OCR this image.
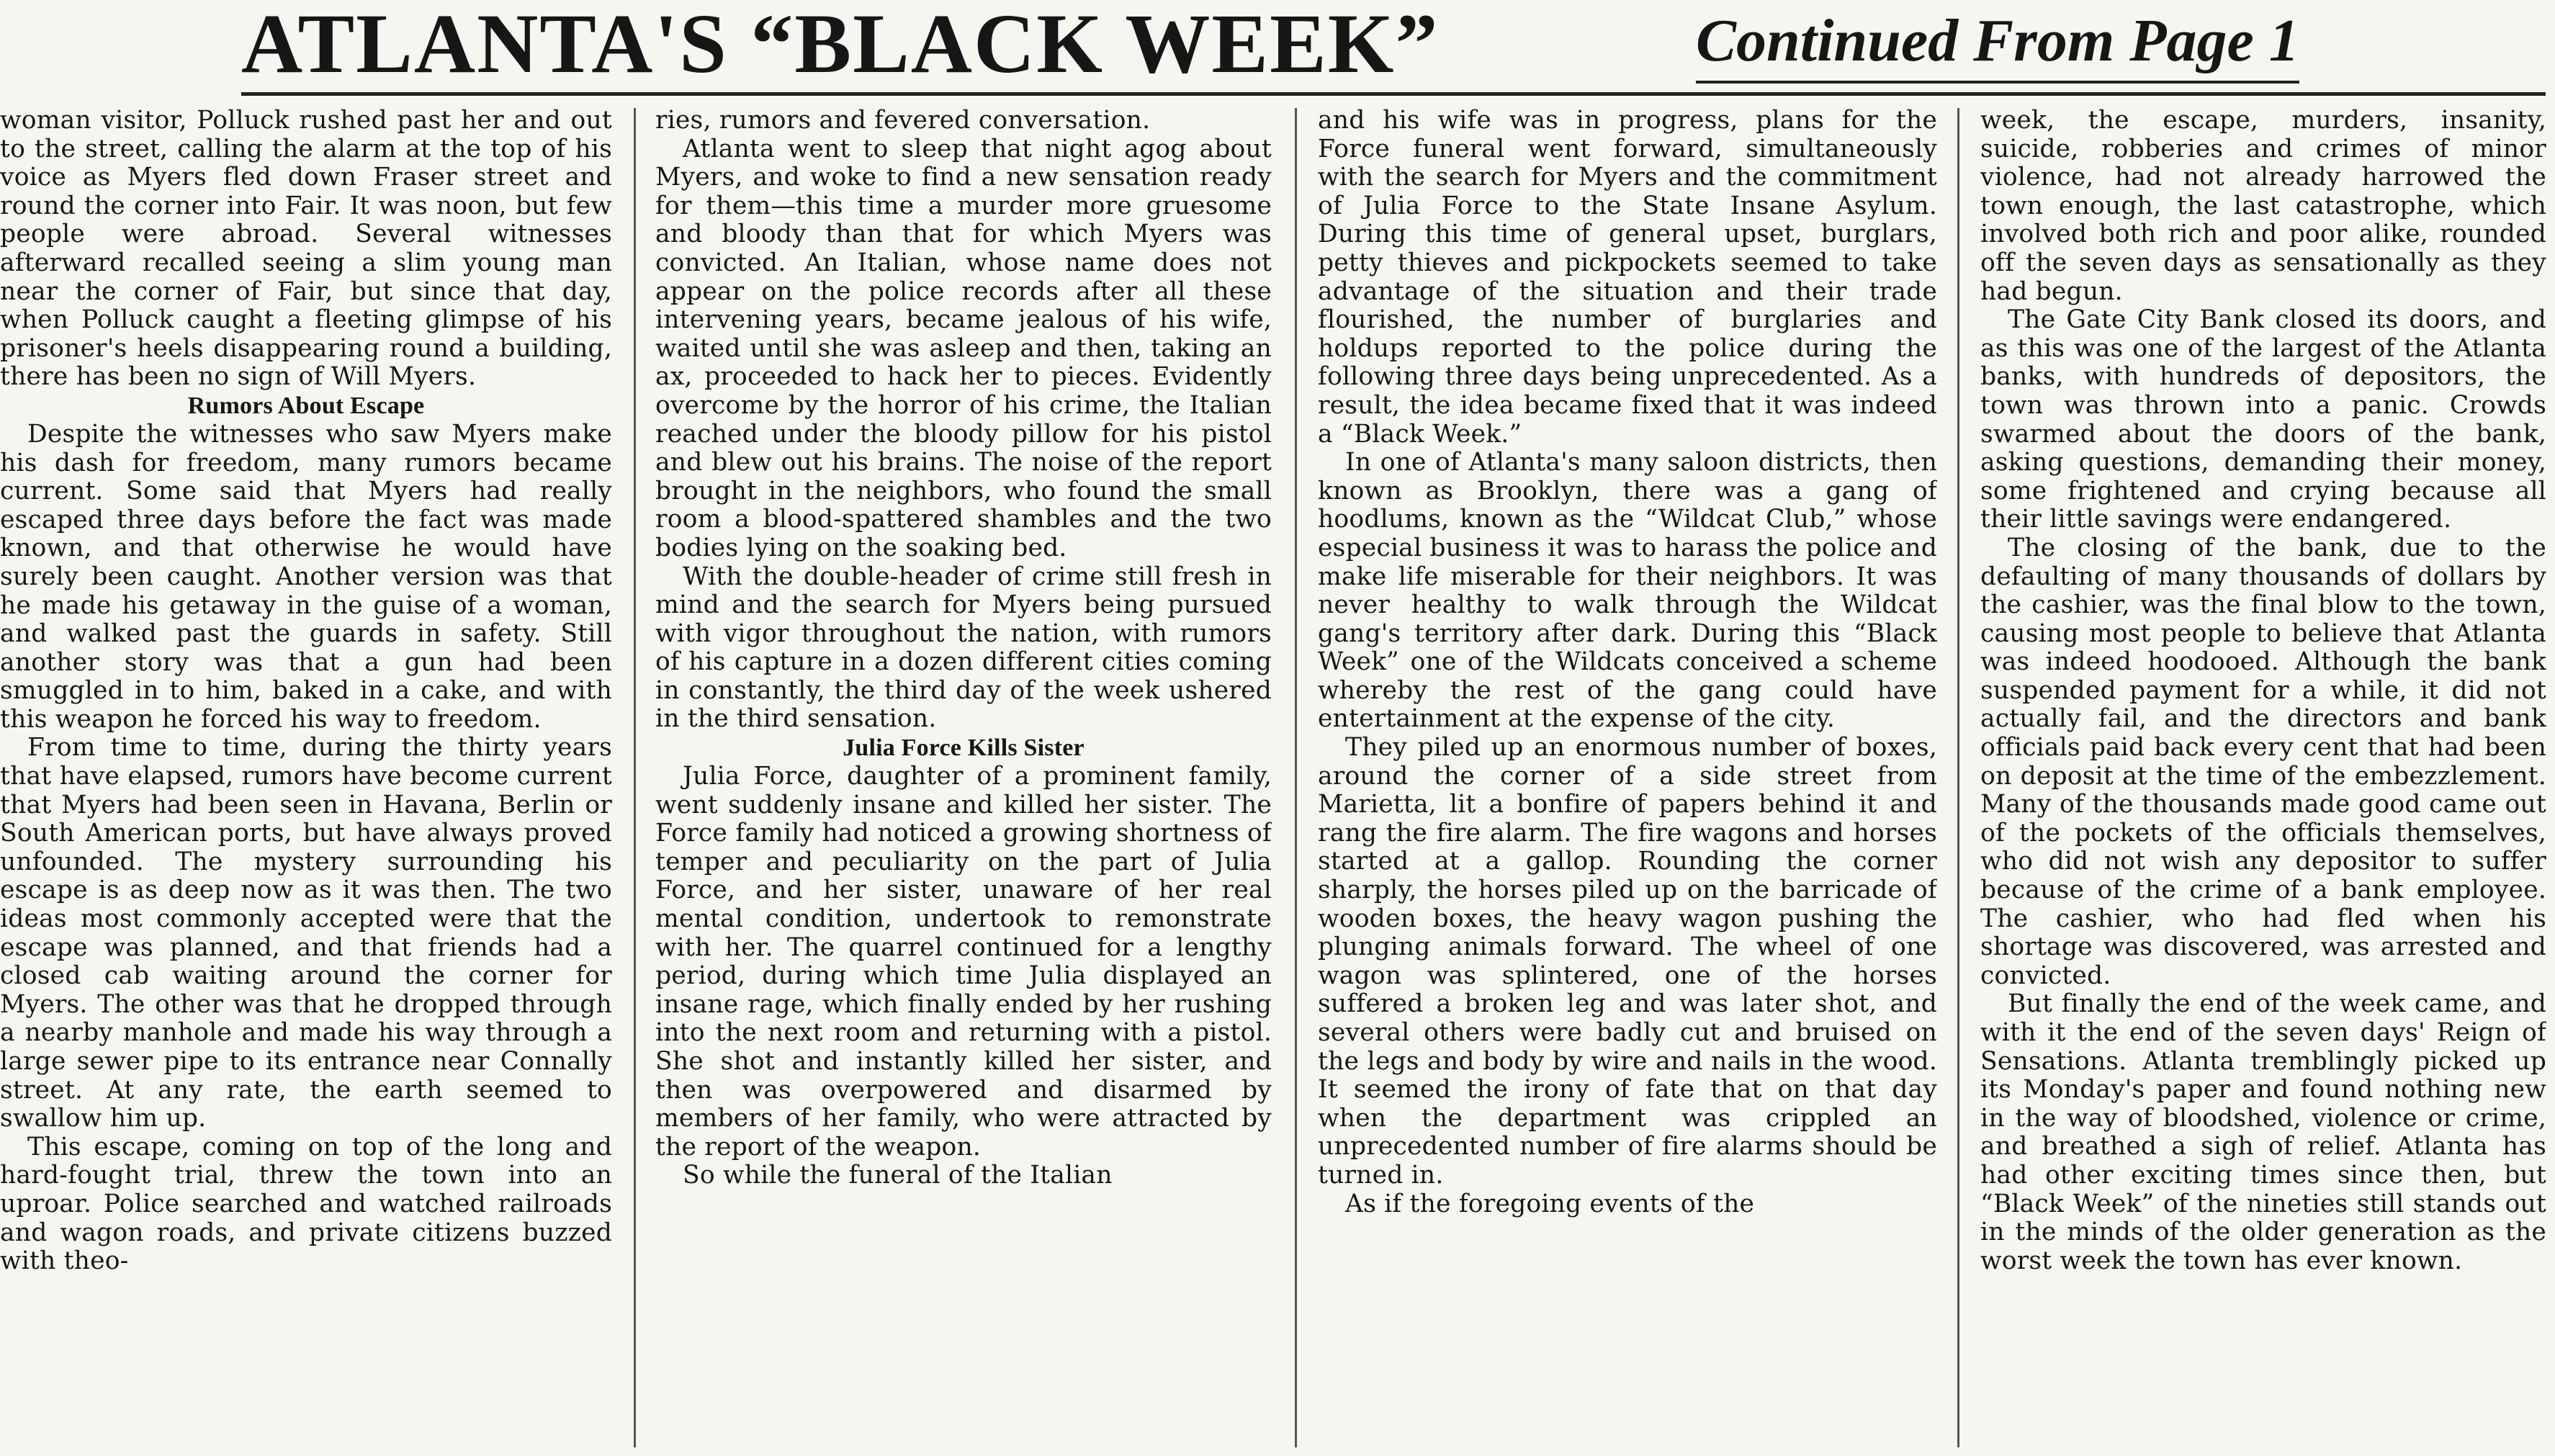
ATLANTA'S “BLACK WEEK”	Continued From Page 1

woman visitor, Polluck rushed past her and out to the street, calling the alarm at the top of his voice as Myers fled down Fraser street and round the corner into Fair. It was noon, but few people were abroad. Several witnesses afterward recalled seeing a slim young man near the corner of Fair, but since that day, when Polluck caught a fleeting glimpse of his prisoner's heels disappearing round a building, there has been no sign of Will Myers.

Rumors About Escape

Despite the witnesses who saw Myers make his dash for freedom, many rumors became current. Some said that Myers had really escaped three days before the fact was made known, and that otherwise he would have surely been caught. Another version was that he made his getaway in the guise of a woman, and walked past the guards in safety. Still another story was that a gun had been smuggled in to him, baked in a cake, and with this weapon he forced his way to freedom.

From time to time, during the thirty years that have elapsed, rumors have become current that Myers had been seen in Havana, Berlin or South American ports, but have always proved unfounded. The mystery surrounding his escape is as deep now as it was then. The two ideas most commonly accepted were that the escape was planned, and that friends had a closed cab waiting around the corner for Myers. The other was that he dropped through a nearby manhole and made his way through a large sewer pipe to its entrance near Connally street. At any rate, the earth seemed to swallow him up.

This escape, coming on top of the long and hard-fought trial, threw the town into an uproar. Police searched and watched railroads and wagon roads, and private citizens buzzed with theo-

ries, rumors and fevered conversation.

Atlanta went to sleep that night agog about Myers, and woke to find a new sensation ready for them—this time a murder more gruesome and bloody than that for which Myers was convicted. An Italian, whose name does not appear on the police records after all these intervening years, became jealous of his wife, waited until she was asleep and then, taking an ax, proceeded to hack her to pieces. Evidently overcome by the horror of his crime, the Italian reached under the bloody pillow for his pistol and blew out his brains. The noise of the report brought in the neighbors, who found the small room a blood-spattered shambles and the two bodies lying on the soaking bed.

With the double-header of crime still fresh in mind and the search for Myers being pursued with vigor throughout the nation, with rumors of his capture in a dozen different cities coming in constantly, the third day of the week ushered in the third sensation.

Julia Force Kills Sister

Julia Force, daughter of a prominent family, went suddenly insane and killed her sister. The Force family had noticed a growing shortness of temper and peculiarity on the part of Julia Force, and her sister, unaware of her real mental condition, undertook to remonstrate with her. The quarrel continued for a lengthy period, during which time Julia displayed an insane rage, which finally ended by her rushing into the next room and returning with a pistol. She shot and instantly killed her sister, and then was overpowered and disarmed by members of her family, who were attracted by the report of the weapon.

So while the funeral of the Italian

and his wife was in progress, plans for the Force funeral went forward, simultaneously with the search for Myers and the commitment of Julia Force to the State Insane Asylum. During this time of general upset, burglars, petty thieves and pickpockets seemed to take advantage of the situation and their trade flourished, the number of burglaries and holdups reported to the police during the following three days being unprecedented. As a result, the idea became fixed that it was indeed a “Black Week.”

In one of Atlanta's many saloon districts, then known as Brooklyn, there was a gang of hoodlums, known as the “Wildcat Club,” whose especial business it was to harass the police and make life miserable for their neighbors. It was never healthy to walk through the Wildcat gang's territory after dark. During this “Black Week” one of the Wildcats conceived a scheme whereby the rest of the gang could have entertainment at the expense of the city.

They piled up an enormous number of boxes, around the corner of a side street from Marietta, lit a bonfire of papers behind it and rang the fire alarm. The fire wagons and horses started at a gallop. Rounding the corner sharply, the horses piled up on the barricade of wooden boxes, the heavy wagon pushing the plunging animals forward. The wheel of one wagon was splintered, one of the horses suffered a broken leg and was later shot, and several others were badly cut and bruised on the legs and body by wire and nails in the wood. It seemed the irony of fate that on that day when the department was crippled an unprecedented number of fire alarms should be turned in.

As if the foregoing events of the

week, the escape, murders, insanity, suicide, robberies and crimes of minor violence, had not already harrowed the town enough, the last catastrophe, which involved both rich and poor alike, rounded off the seven days as sensationally as they had begun.

The Gate City Bank closed its doors, and as this was one of the largest of the Atlanta banks, with hundreds of depositors, the town was thrown into a panic. Crowds swarmed about the doors of the bank, asking questions, demanding their money, some frightened and crying because all their little savings were endangered.

The closing of the bank, due to the defaulting of many thousands of dollars by the cashier, was the final blow to the town, causing most people to believe that Atlanta was indeed hoodooed. Although the bank suspended payment for a while, it did not actually fail, and the directors and bank officials paid back every cent that had been on deposit at the time of the embezzlement. Many of the thousands made good came out of the pockets of the officials themselves, who did not wish any depositor to suffer because of the crime of a bank employee. The cashier, who had fled when his shortage was discovered, was arrested and convicted.

But finally the end of the week came, and with it the end of the seven days' Reign of Sensations. Atlanta tremblingly picked up its Monday's paper and found nothing new in the way of bloodshed, violence or crime, and breathed a sigh of relief. Atlanta has had other exciting times since then, but “Black Week” of the nineties still stands out in the minds of the older generation as the worst week the town has ever known.
